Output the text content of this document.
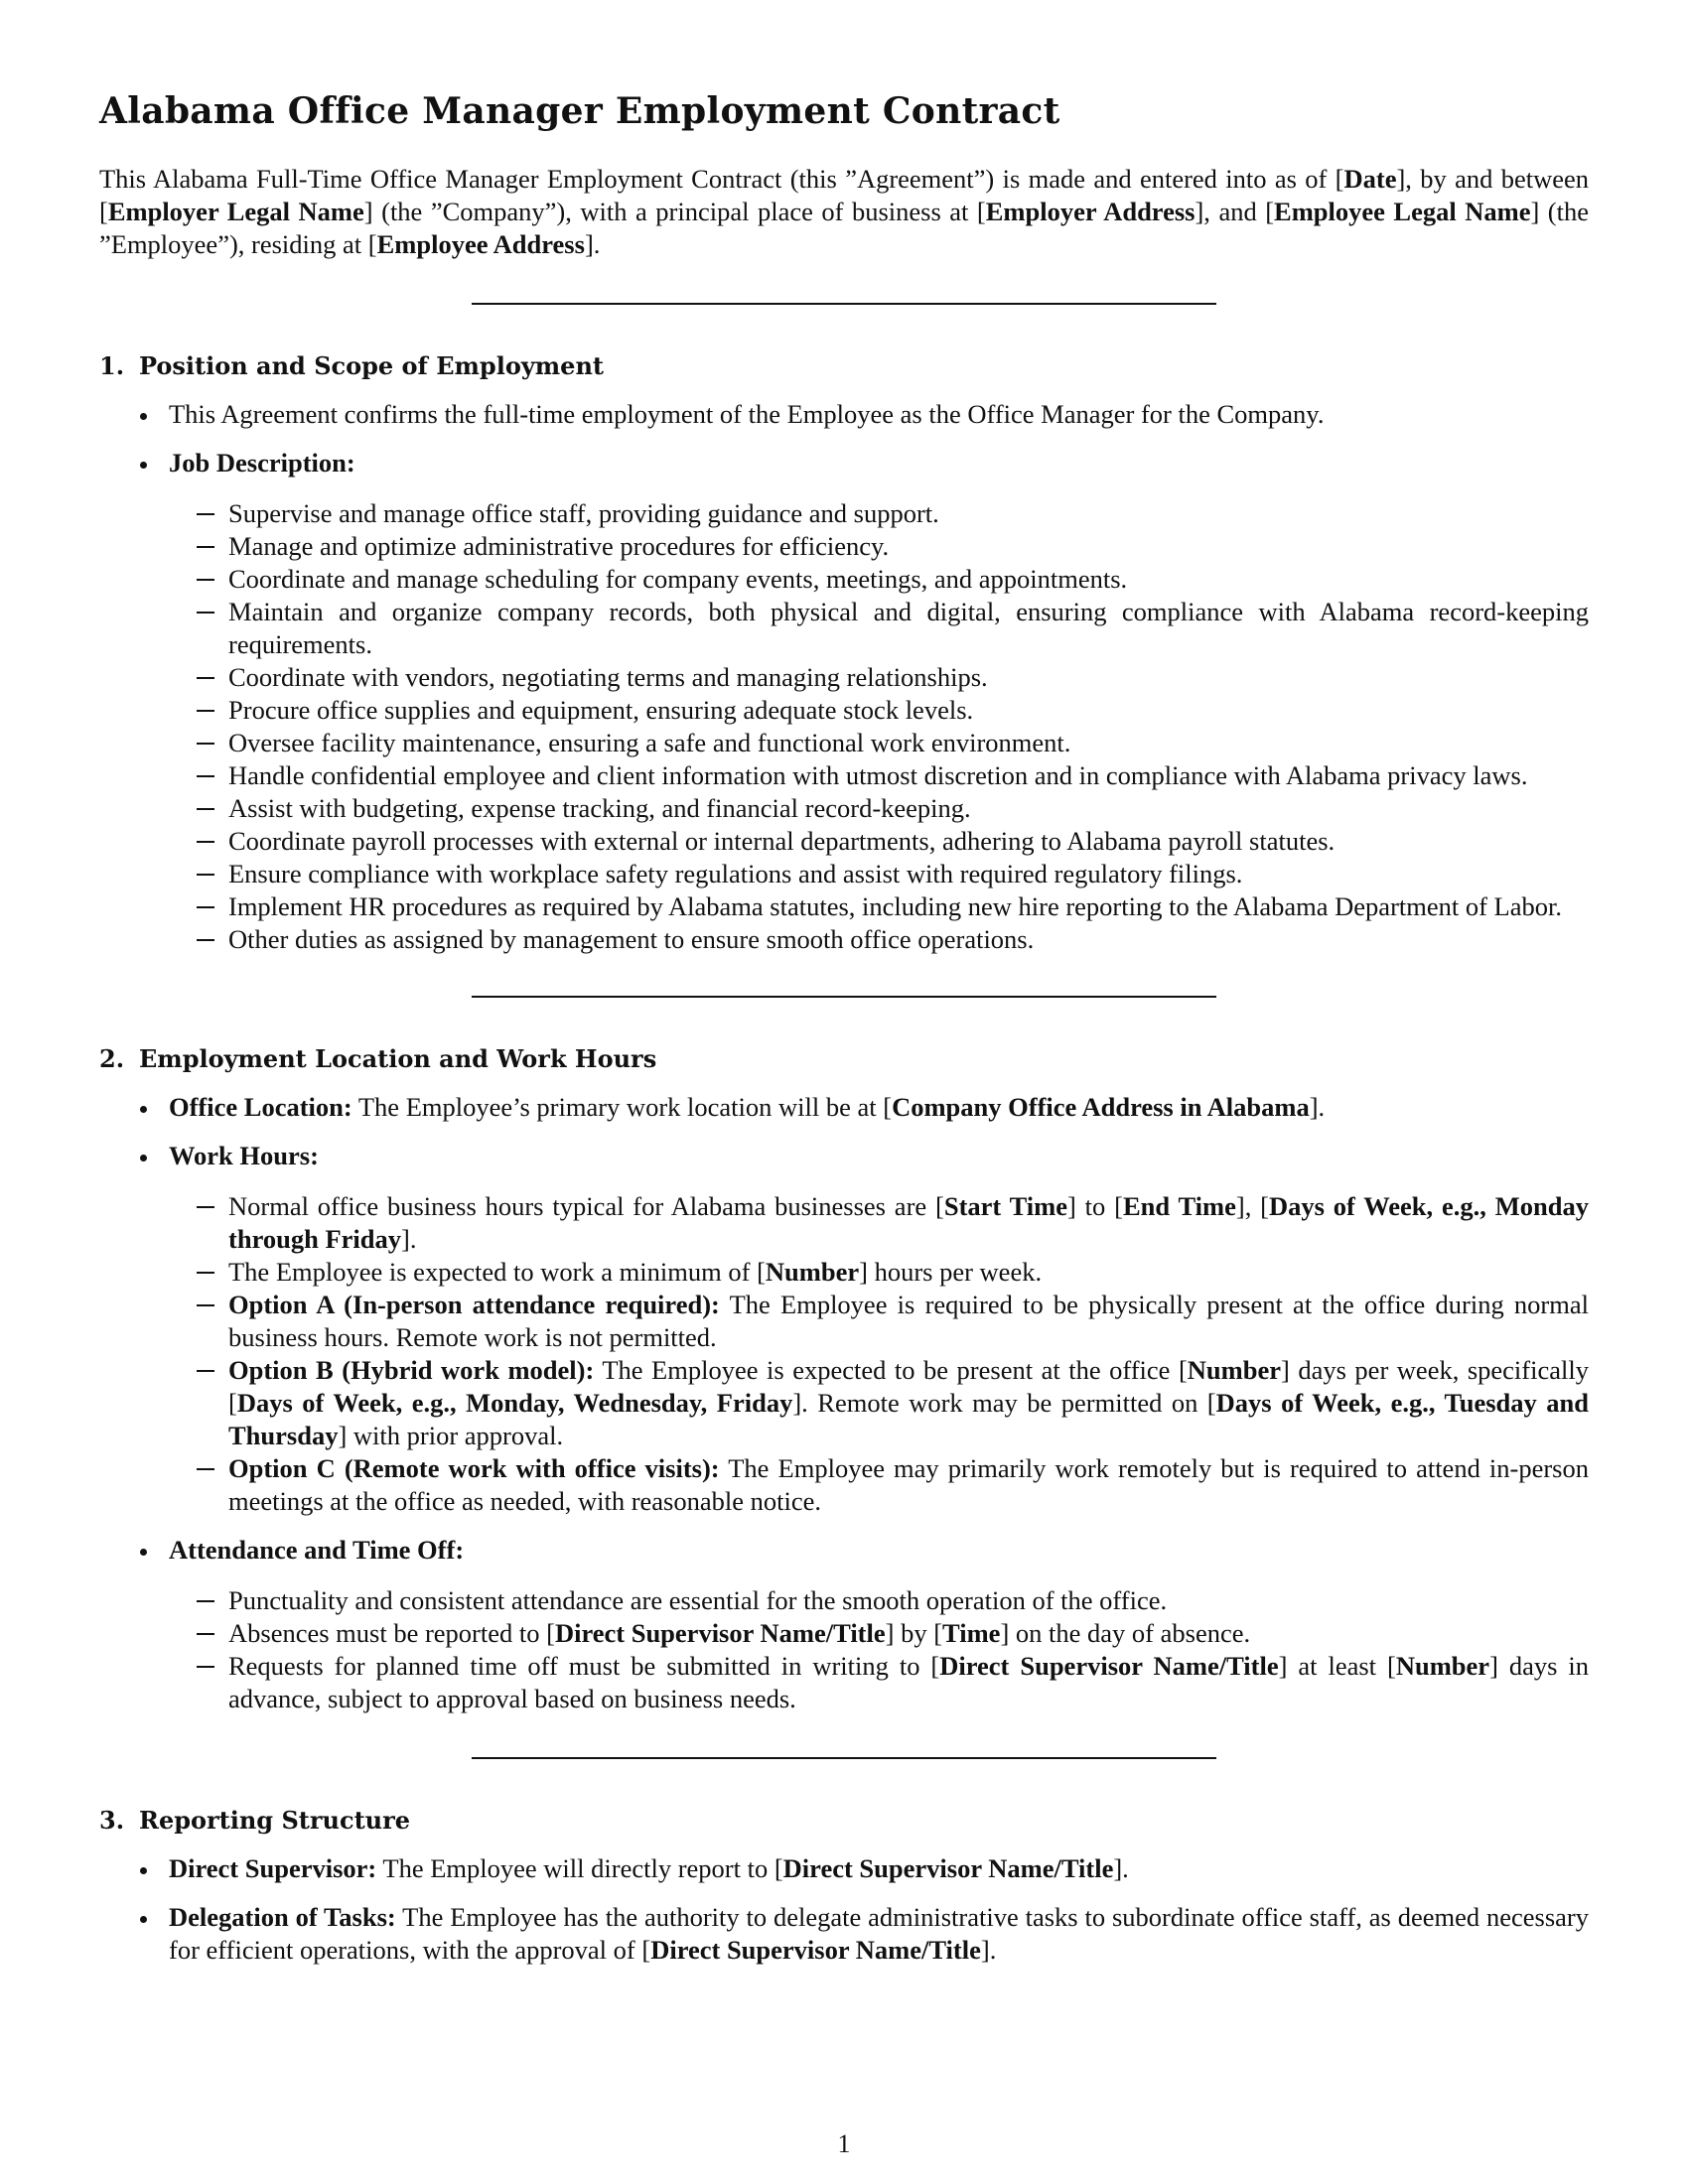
Alabama Office Manager Employment Contract

This Alabama Full-Time Office Manager Employment Contract (this ”Agreement”) is made and entered into as of [Date], by and between [Employer Legal Name] (the ”Company”), with a principal place of business at [Employer Address], and [Employee Legal Name] (the ”Employee”), residing at [Employee Address].

1. Position and Scope of Employment
This Agreement confirms the full-time employment of the Employee as the Office Manager for the Company.
Job Description:
Supervise and manage office staff, providing guidance and support.
Manage and optimize administrative procedures for efficiency.
Coordinate and manage scheduling for company events, meetings, and appointments.
Maintain and organize company records, both physical and digital, ensuring compliance with Alabama record-keeping requirements.
Coordinate with vendors, negotiating terms and managing relationships.
Procure office supplies and equipment, ensuring adequate stock levels.
Oversee facility maintenance, ensuring a safe and functional work environment.
Handle confidential employee and client information with utmost discretion and in compliance with Alabama privacy laws.
Assist with budgeting, expense tracking, and financial record-keeping.
Coordinate payroll processes with external or internal departments, adhering to Alabama payroll statutes.
Ensure compliance with workplace safety regulations and assist with required regulatory filings.
Implement HR procedures as required by Alabama statutes, including new hire reporting to the Alabama Department of Labor.
Other duties as assigned by management to ensure smooth office operations.
2. Employment Location and Work Hours
Office Location: The Employee’s primary work location will be at [Company Office Address in Alabama].
Work Hours:
Normal office business hours typical for Alabama businesses are [Start Time] to [End Time], [Days of Week, e.g., Monday through Friday].
The Employee is expected to work a minimum of [Number] hours per week.
Option A (In-person attendance required): The Employee is required to be physically present at the office during normal business hours. Remote work is not permitted.
Option B (Hybrid work model): The Employee is expected to be present at the office [Number] days per week, specifically [Days of Week, e.g., Monday, Wednesday, Friday]. Remote work may be permitted on [Days of Week, e.g., Tuesday and Thursday] with prior approval.
Option C (Remote work with office visits): The Employee may primarily work remotely but is required to attend in-person meetings at the office as needed, with reasonable notice.
Attendance and Time Off:
Punctuality and consistent attendance are essential for the smooth operation of the office.
Absences must be reported to [Direct Supervisor Name/Title] by [Time] on the day of absence.
Requests for planned time off must be submitted in writing to [Direct Supervisor Name/Title] at least [Number] days in advance, subject to approval based on business needs.
3. Reporting Structure
Direct Supervisor: The Employee will directly report to [Direct Supervisor Name/Title].
Delegation of Tasks: The Employee has the authority to delegate administrative tasks to subordinate office staff, as deemed necessary for efficient operations, with the approval of [Direct Supervisor Name/Title].
1
